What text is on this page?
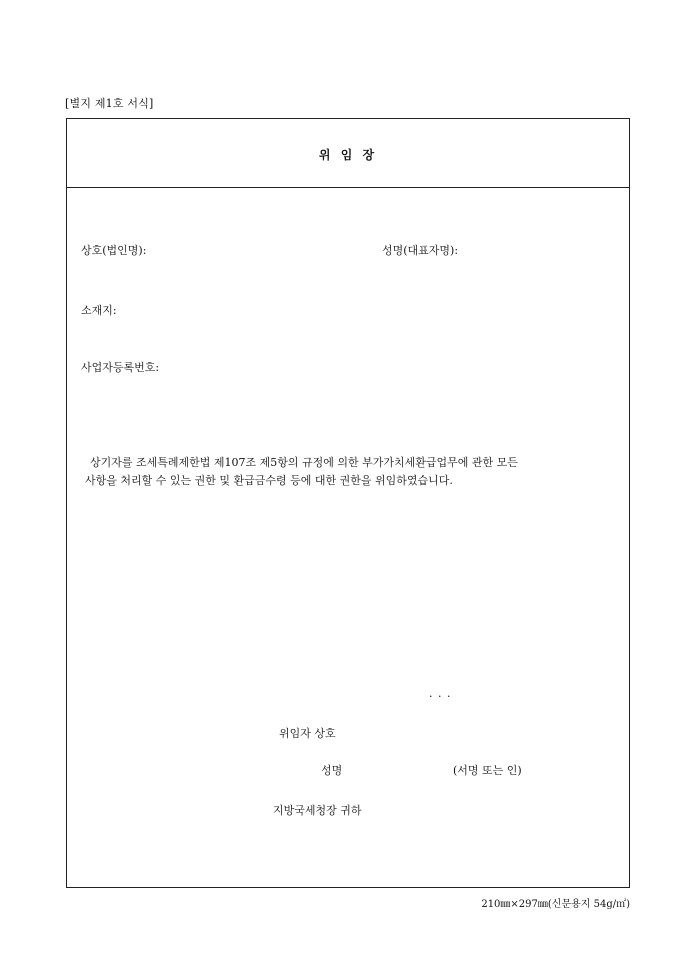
[별지 제1호 서식]
위 임 장
상호(법인명):	성명(대표자명):
소재지:
사업자등록번호:
상기자를 조세특례제한법 제107조 제5항의 규정에 의한 부가가치세환급업무에 관한 모든
사항을 처리할 수 있는 권한 및 환급금수령 등에 대한 권한을 위임하였습니다.
. . .
위임자 상호
성명	(서명 또는 인)
지방국세청장 귀하
210㎜×297㎜(신문용지 54g/㎡)
